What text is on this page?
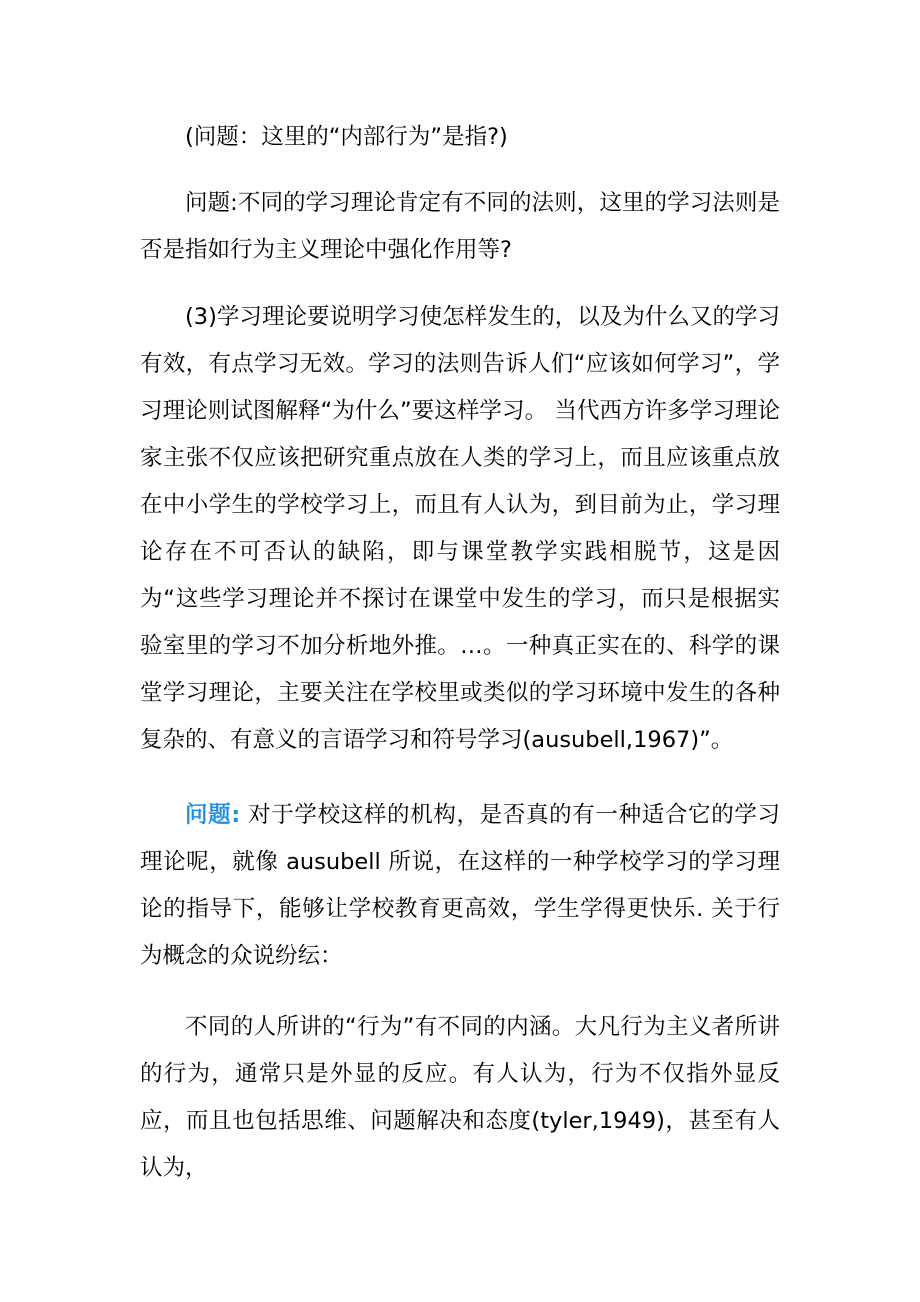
(问题：这里的“内部行为”是指?)

问题:不同的学习理论肯定有不同的法则，这里的学习法则是否是指如行为主义理论中强化作用等?

(3)学习理论要说明学习使怎样发生的，以及为什么又的学习有效，有点学习无效。学习的法则告诉人们“应该如何学习”，学习理论则试图解释“为什么”要这样学习。 当代西方许多学习理论家主张不仅应该把研究重点放在人类的学习上，而且应该重点放在中小学生的学校学习上，而且有人认为，到目前为止，学习理论存在不可否认的缺陷，即与课堂教学实践相脱节，这是因为“这些学习理论并不探讨在课堂中发生的学习，而只是根据实验室里的学习不加分析地外推。…。一种真正实在的、科学的课堂学习理论，主要关注在学校里或类似的学习环境中发生的各种复杂的、有意义的言语学习和符号学习(ausubell,1967)”。

问题: 对于学校这样的机构，是否真的有一种适合它的学习理论呢，就像 ausubell 所说，在这样的一种学校学习的学习理论的指导下，能够让学校教育更高效，学生学得更快乐. 关于行为概念的众说纷纭：

不同的人所讲的“行为”有不同的内涵。大凡行为主义者所讲的行为，通常只是外显的反应。有人认为，行为不仅指外显反应，而且也包括思维、问题解决和态度(tyler,1949)，甚至有人认为，
